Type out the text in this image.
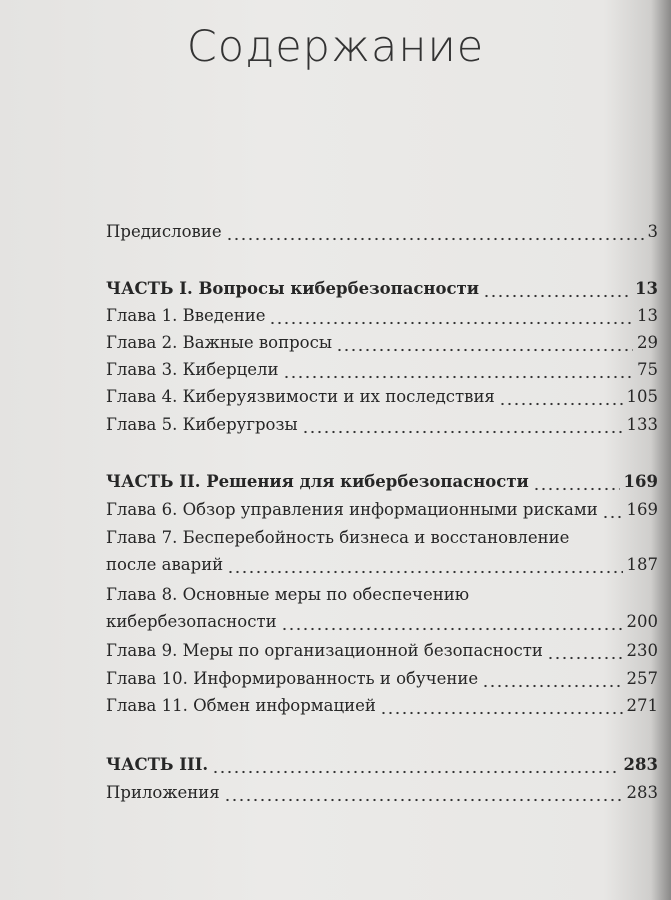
Содержание
Предисловие	3
ЧАСТЬ I. Вопросы кибербезопасности	13
Глава 1. Введение	13
Глава 2. Важные вопросы	29
Глава 3. Киберцели	75
Глава 4. Киберуязвимости и их последствия	105
Глава 5. Киберугрозы	133
ЧАСТЬ II. Решения для кибербезопасности	169
Глава 6. Обзор управления информационными рисками 169
Глава 7. Бесперебойность бизнеса и восстановление
после аварий	187
Глава 8. Основные меры по обеспечению
кибербезопасности	200
Глава 9. Меры по организационной безопасности	230
Глава 10. Информированность и обучение	257
Глава 11. Обмен информацией	271
ЧАСТЬ III.	283
Приложения	283
